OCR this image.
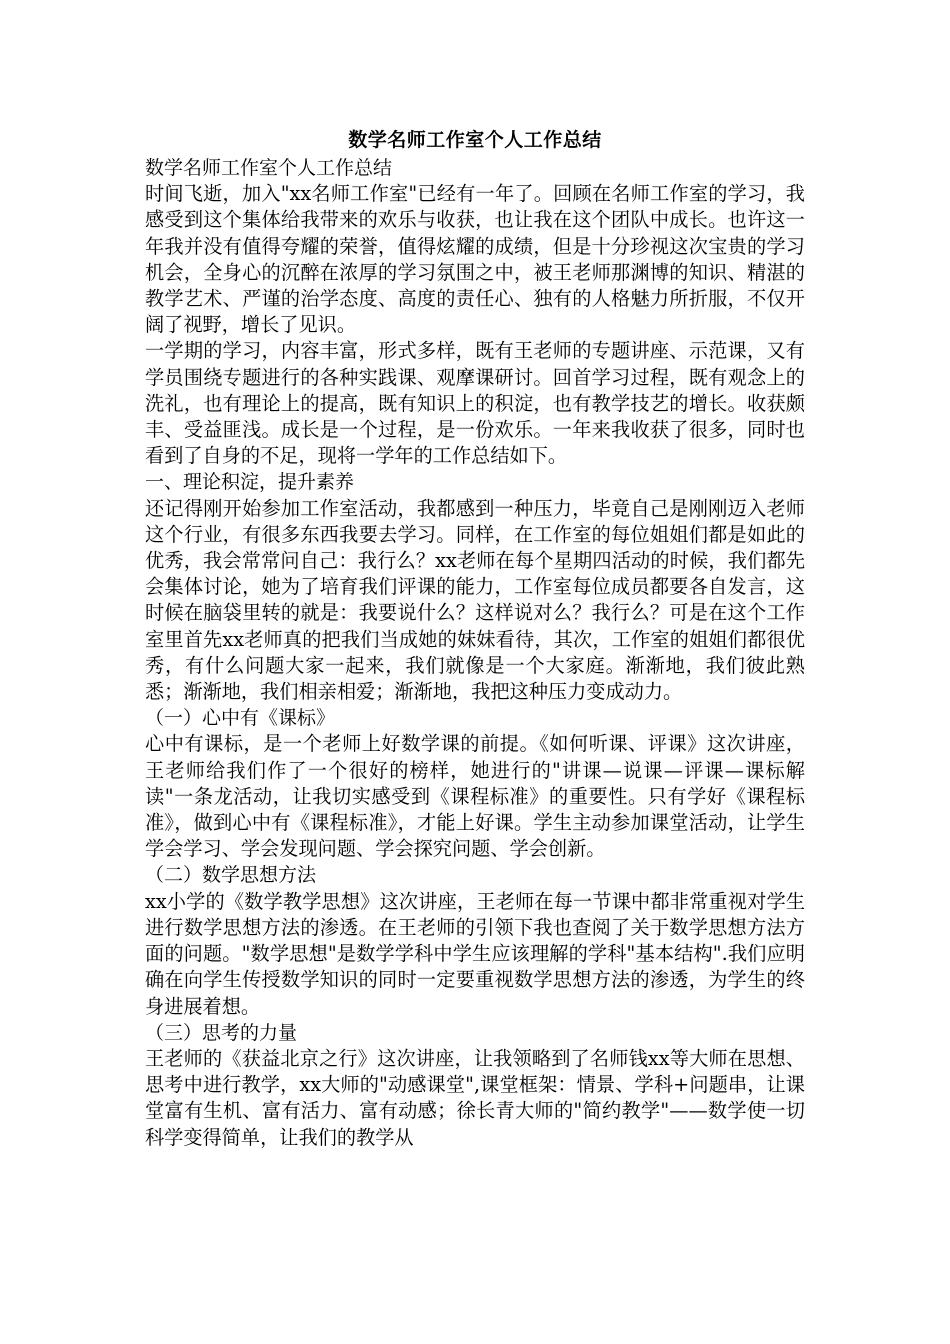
数学名师工作室个人工作总结
数学名师工作室个人工作总结
时间飞逝，加入"xx名师工作室"已经有一年了。回顾在名师工作室的学习，我感受到这个集体给我带来的欢乐与收获，也让我在这个团队中成长。也许这一年我并没有值得夸耀的荣誉，值得炫耀的成绩，但是十分珍视这次宝贵的学习机会，全身心的沉醉在浓厚的学习氛围之中，被王老师那渊博的知识、精湛的教学艺术、严谨的治学态度、高度的责任心、独有的人格魅力所折服，不仅开阔了视野，增长了见识。
一学期的学习，内容丰富，形式多样，既有王老师的专题讲座、示范课，又有学员围绕专题进行的各种实践课、观摩课研讨。回首学习过程，既有观念上的洗礼，也有理论上的提高，既有知识上的积淀，也有教学技艺的增长。收获颇丰、受益匪浅。成长是一个过程，是一份欢乐。一年来我收获了很多，同时也看到了自身的不足，现将一学年的工作总结如下。
一、理论积淀，提升素养
还记得刚开始参加工作室活动，我都感到一种压力，毕竟自己是刚刚迈入老师这个行业，有很多东西我要去学习。同样，在工作室的每位姐姐们都是如此的优秀，我会常常问自己：我行么？xx老师在每个星期四活动的时候，我们都先会集体讨论，她为了培育我们评课的能力，工作室每位成员都要各自发言，这时候在脑袋里转的就是：我要说什么？这样说对么？我行么？可是在这个工作室里首先xx老师真的把我们当成她的妹妹看待，其次，工作室的姐姐们都很优秀，有什么问题大家一起来，我们就像是一个大家庭。渐渐地，我们彼此熟悉；渐渐地，我们相亲相爱；渐渐地，我把这种压力变成动力。
（一）心中有《课标》
心中有课标，是一个老师上好数学课的前提。《如何听课、评课》这次讲座，王老师给我们作了一个很好的榜样，她进行的"讲课—说课—评课—课标解读"一条龙活动，让我切实感受到《课程标准》的重要性。只有学好《课程标准》，做到心中有《课程标准》，才能上好课。学生主动参加课堂活动，让学生学会学习、学会发现问题、学会探究问题、学会创新。
（二）数学思想方法
xx小学的《数学教学思想》这次讲座，王老师在每一节课中都非常重视对学生进行数学思想方法的渗透。在王老师的引领下我也查阅了关于数学思想方法方面的问题。"数学思想"是数学学科中学生应该理解的学科"基本结构".我们应明确在向学生传授数学知识的同时一定要重视数学思想方法的渗透，为学生的终身进展着想。
（三）思考的力量
王老师的《获益北京之行》这次讲座，让我领略到了名师钱xx等大师在思想、思考中进行教学，xx大师的"动感课堂",课堂框架：情景、学科+问题串，让课堂富有生机、富有活力、富有动感；徐长青大师的"简约教学"——数学使一切科学变得简单，让我们的教学从
